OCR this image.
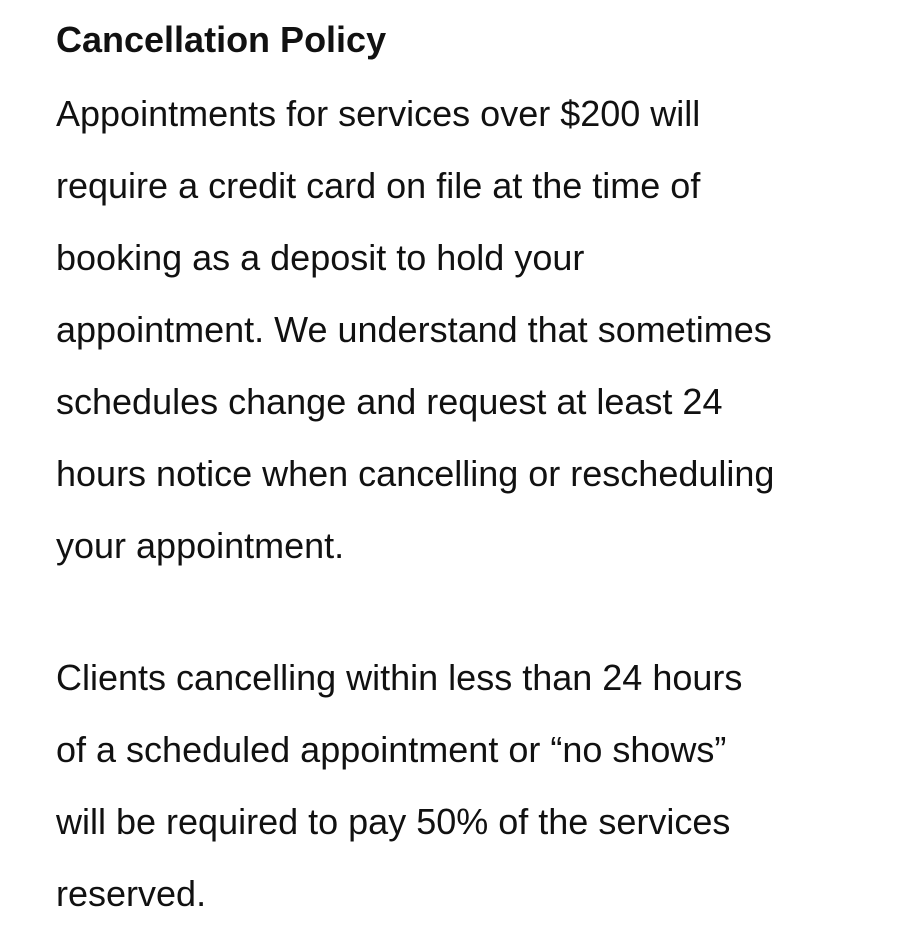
Cancellation Policy

Appointments for services over $200 will
require a credit card on file at the time of
booking as a deposit to hold your
appointment. We understand that sometimes
schedules change and request at least 24
hours notice when cancelling or rescheduling
your appointment.

Clients cancelling within less than 24 hours
of a scheduled appointment or “no shows”
will be required to pay 50% of the services
reserved.
